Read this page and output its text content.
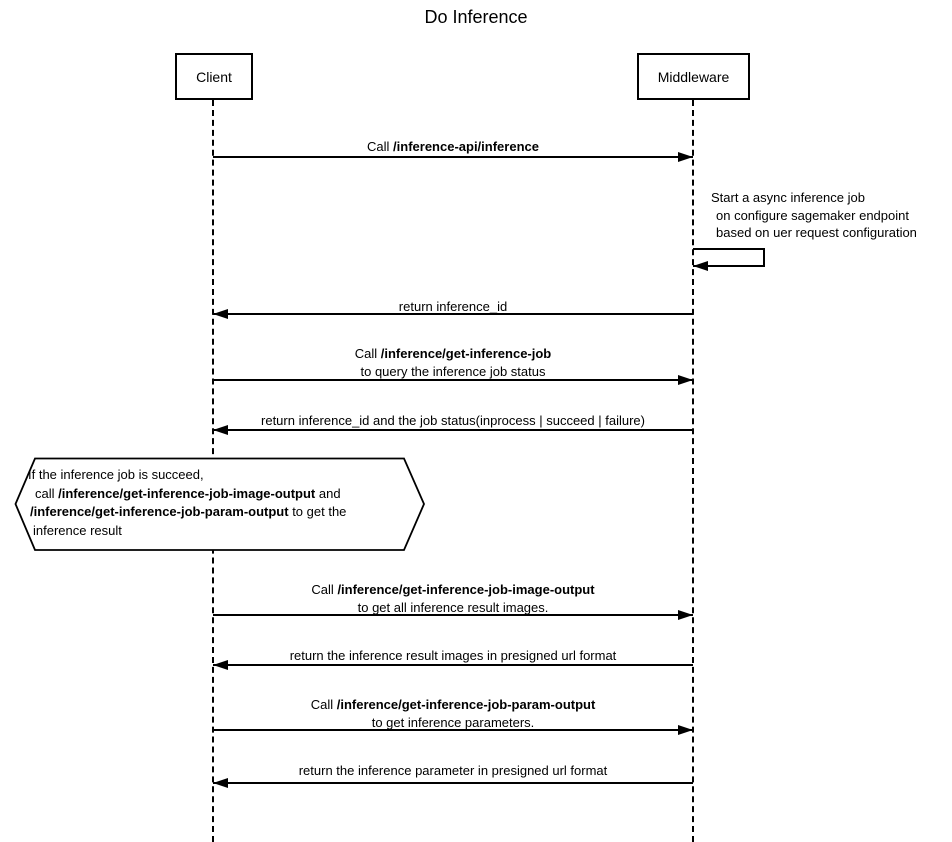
Do Inference
Client	Middleware
Call /inference-api/inference
Start a async inference job
on configure sagemaker endpoint
based on uer request configuration
return inference_id
Call /inference/get-inference-job
to query the inference job status
return inference_id and the job status(inprocess | succeed | failure)
If the inference job is succeed,
call /inference/get-inference-job-image-output and
/inference/get-inference-job-param-output to get the
inference result
Call /inference/get-inference-job-image-output
to get all inference result images.
return the inference result images in presigned url format
Call /inference/get-inference-job-param-output
to get inference parameters.
return the inference parameter in presigned url format
